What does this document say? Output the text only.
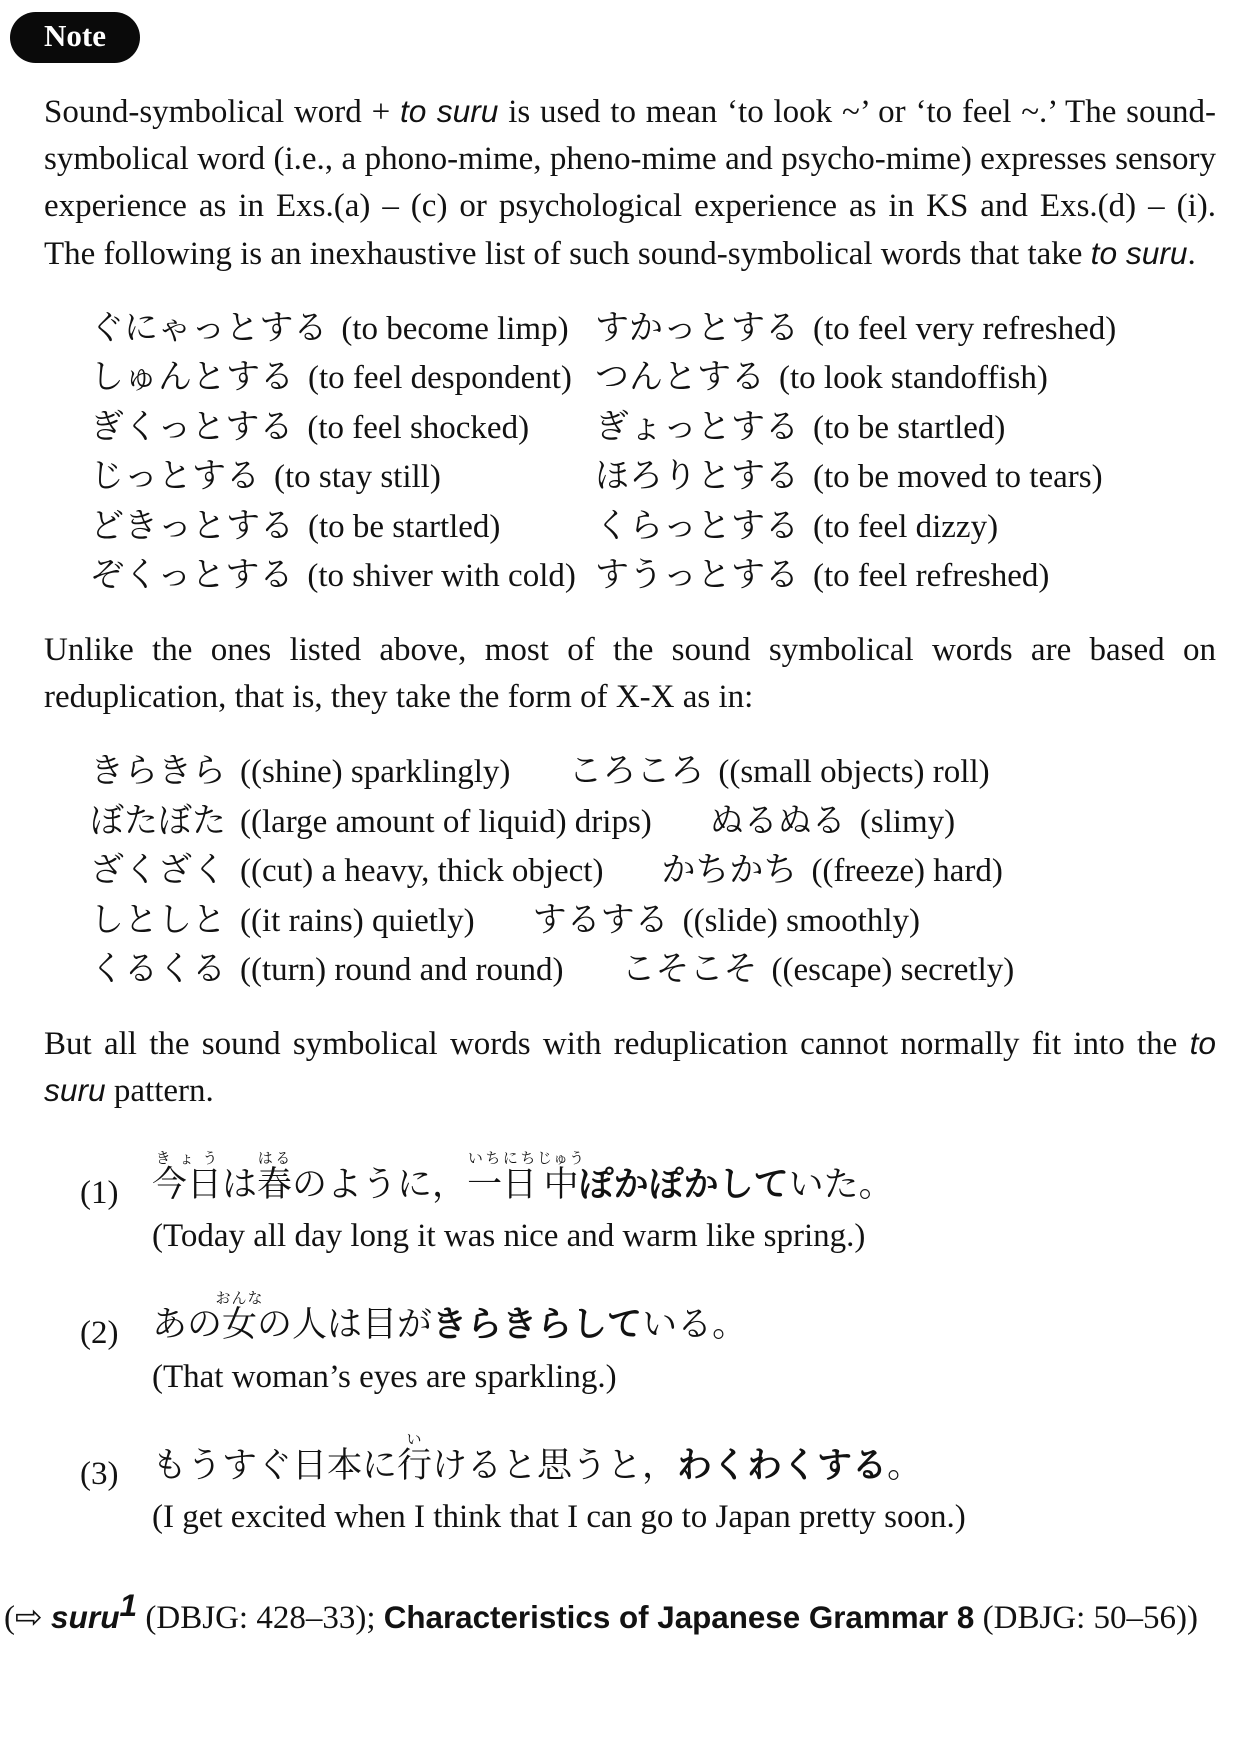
Note

Sound-symbolical word + to suru is used to mean ‘to look ~’ or ‘to feel ~.’ The sound-symbolical word (i.e., a phono-mime, pheno-mime and psycho-mime) expresses sensory experience as in Exs.(a) – (c) or psychological experience as in KS and Exs.(d) – (i). The following is an inexhaustive list of such sound-symbolical words that take to suru.

ぐにゃっとする (to become limp) すかっとする (to feel very refreshed)
しゅんとする (to feel despondent) つんとする (to look standoffish)
ぎくっとする (to feel shocked) ぎょっとする (to be startled)
じっとする (to stay still)	ほろりとする (to be moved to tears)
どきっとする (to be startled)	くらっとする (to feel dizzy)
ぞくっとする (to shiver with cold) すうっとする (to feel refreshed)

Unlike the ones listed above, most of the sound symbolical words are based on reduplication, that is, they take the form of X-X as in:

きらきら ((shine) sparklingly) ころころ ((small objects) roll)
ぼたぼた ((large amount of liquid) drips) ぬるぬる (slimy)
ざくざく ((cut) a heavy, thick object) かちかち ((freeze) hard)
しとしと ((it rains) quietly) するする ((slide) smoothly)
くるくる ((turn) round and round) こそこそ ((escape) secretly)

But all the sound symbolical words with reduplication cannot normally fit into the to suru pattern.

(1) 今日きょうは春はるのように，一日いちにち中じゅうぽかぽかしていた。
(Today all day long it was nice and warm like spring.)
(2) あの女おんなの人は目がきらきらしている。
(That woman’s eyes are sparkling.)
(3) もうすぐ日本に行いけると思うと，わくわくする。
(I get excited when I think that I can go to Japan pretty soon.)
(⇨ suru1 (DBJG: 428–33); Characteristics of Japanese Grammar 8 (DBJG: 50–56))
